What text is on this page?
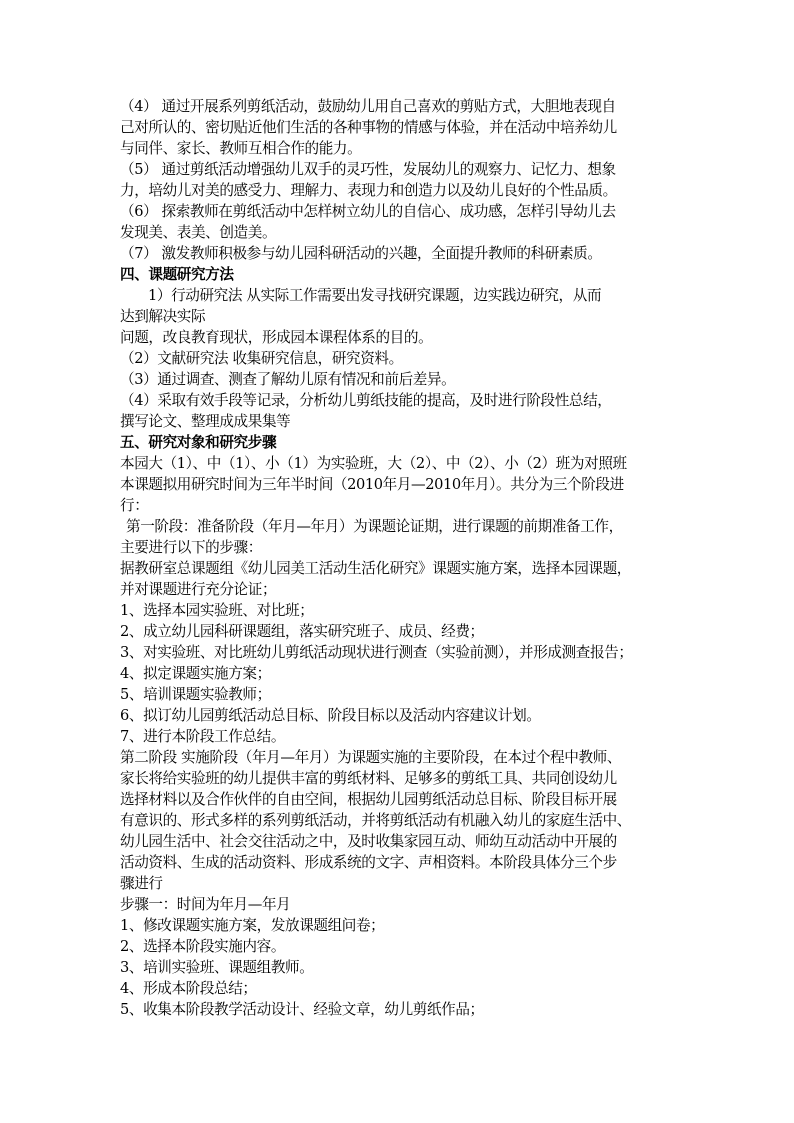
（4） 通过开展系列剪纸活动，鼓励幼儿用自己喜欢的剪贴方式，大胆地表现自
己对所认的、密切贴近他们生活的各种事物的情感与体验，并在活动中培养幼儿
与同伴、家长、教师互相合作的能力。
（5） 通过剪纸活动增强幼儿双手的灵巧性，发展幼儿的观察力、记忆力、想象
力，培幼儿对美的感受力、理解力、表现力和创造力以及幼儿良好的个性品质。
（6） 探索教师在剪纸活动中怎样树立幼儿的自信心、成功感，怎样引导幼儿去
发现美、表美、创造美。
（7） 激发教师积极参与幼儿园科研活动的兴趣，全面提升教师的科研素质。
四、课题研究方法
1）行动研究法 从实际工作需要出发寻找研究课题，边实践边研究，从而
达到解决实际
问题，改良教育现状，形成园本课程体系的目的。
（2）文献研究法 收集研究信息，研究资料。
（3）通过调查、测查了解幼儿原有情况和前后差异。
（4）采取有效手段等记录，分析幼儿剪纸技能的提高，及时进行阶段性总结，
撰写论文、整理成成果集等
五、研究对象和研究步骤
本园大（1）、中（1）、小（1）为实验班，大（2）、中（2）、小（2）班为对照班
本课题拟用研究时间为三年半时间（2010年月—2010年月）。共分为三个阶段进
行：
第一阶段：准备阶段（年月—年月）为课题论证期，进行课题的前期准备工作，
主要进行以下的步骤：
据教研室总课题组《幼儿园美工活动生活化研究》课题实施方案，选择本园课题，
并对课题进行充分论证；
1、选择本园实验班、对比班；
2、成立幼儿园科研课题组，落实研究班子、成员、经费；
3、对实验班、对比班幼儿剪纸活动现状进行测查（实验前测），并形成测查报告；
4、拟定课题实施方案；
5、培训课题实验教师；
6、拟订幼儿园剪纸活动总目标、阶段目标以及活动内容建议计划。
7、进行本阶段工作总结。
第二阶段 实施阶段（年月—年月）为课题实施的主要阶段，在本过个程中教师、
家长将给实验班的幼儿提供丰富的剪纸材料、足够多的剪纸工具、共同创设幼儿
选择材料以及合作伙伴的自由空间，根据幼儿园剪纸活动总目标、阶段目标开展
有意识的、形式多样的系列剪纸活动，并将剪纸活动有机融入幼儿的家庭生活中、
幼儿园生活中、社会交往活动之中，及时收集家园互动、师幼互动活动中开展的
活动资料、生成的活动资料、形成系统的文字、声相资料。本阶段具体分三个步
骤进行
步骤一：时间为年月—年月
1、修改课题实施方案，发放课题组问卷；
2、选择本阶段实施内容。
3、培训实验班、课题组教师。
4、形成本阶段总结；
5、收集本阶段教学活动设计、经验文章，幼儿剪纸作品；
